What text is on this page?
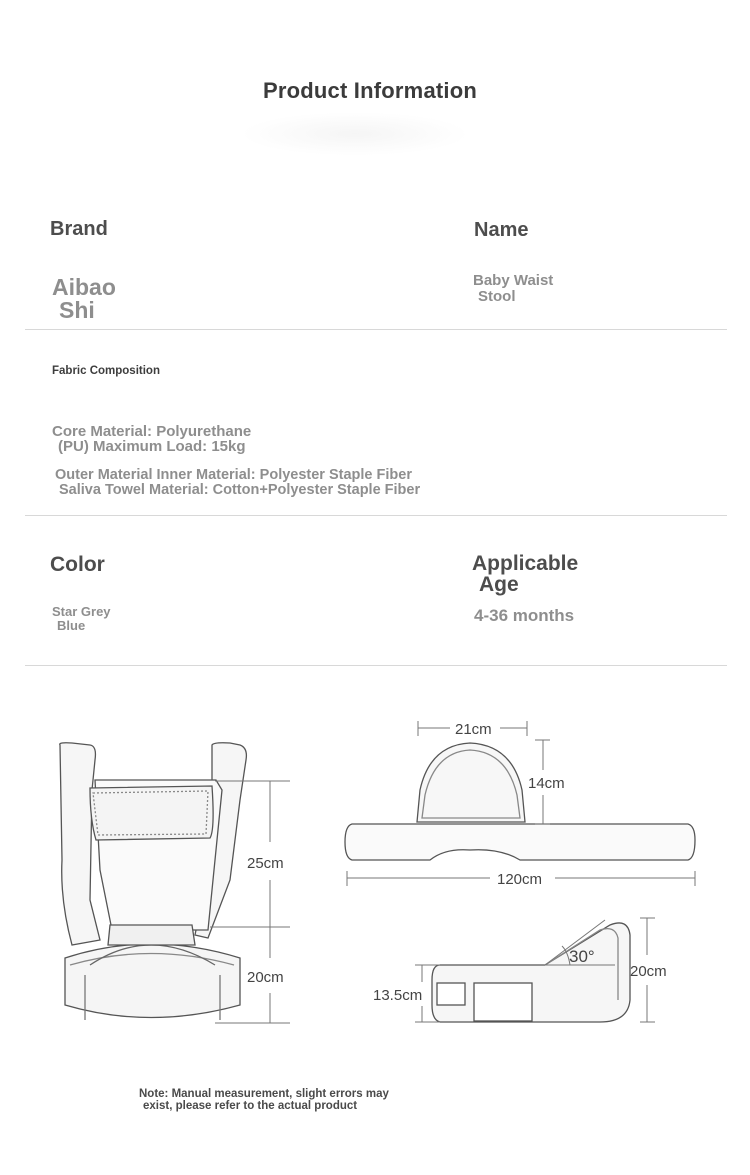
Product Information
Brand
Aibao
Shi
Name
Baby Waist
Stool
Fabric Composition
Core Material: Polyurethane
(PU) Maximum Load: 15kg
Outer Material Inner Material: Polyester Staple Fiber
Saliva Towel Material: Cotton+Polyester Staple Fiber
Color
Star Grey
Blue
Applicable
Age
4-36 months
25cm
20cm
21cm
14cm
120cm
30°
20cm
13.5cm
Note: Manual measurement, slight errors may
exist, please refer to the actual product
